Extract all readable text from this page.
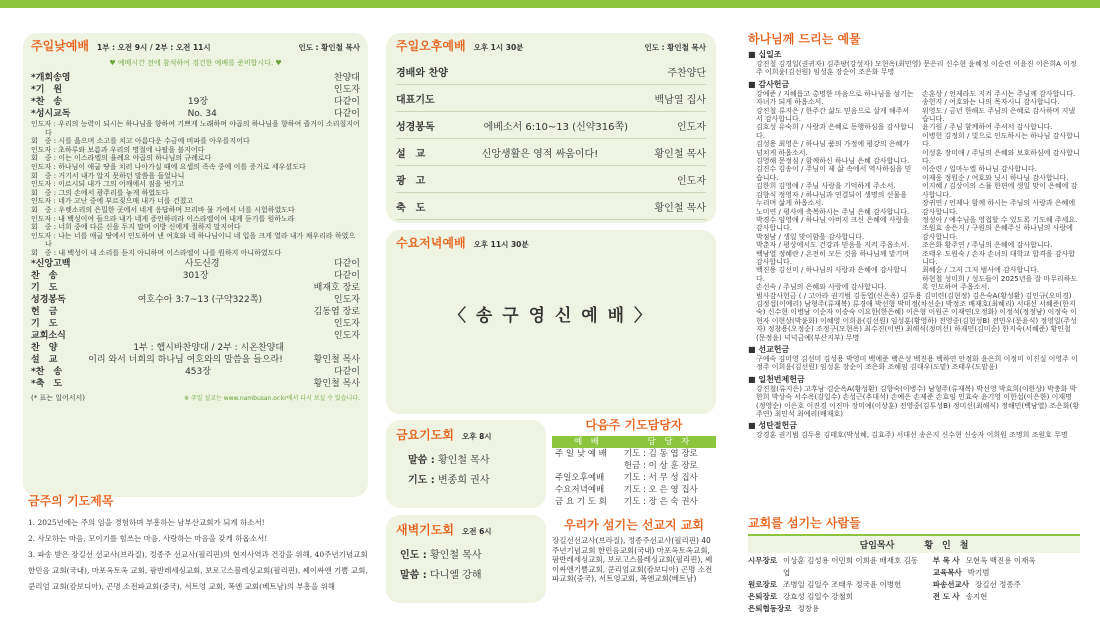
주일낮예배 1부 : 오전 9시 / 2부 : 오전 11시	인도 : 황인철 목사
♥ 예배시간 전에 참석하여 경건한 예배를 준비합시다. ♥
*개회송영	찬양대
*기　원	인도자
*찬　송	19장	다같이
*성시교독	No. 34	다같이
인도자 : 우리의 능력이 되시는 하나님을 향하여 기쁘게 노래하며 야곱의 하나님을 향하여 즐거이 소리칠지어다
회　중 : 시를 읊으며 소고를 치고 아름다운 수금에 비파를 아우를지어다
인도자 : 초하루와 보름과 우리의 명절에 나팔을 불지어다
회　중 : 이는 이스라엘의 율례요 야곱의 하나님의 규례로다
인도자 : 하나님이 애굽 땅을 치러 나아가실 때에 요셉의 족속 중에 이를 증거로 세우셨도다
회　중 : 거기서 내가 알지 못하던 말씀을 들었나니
인도자 : 이르시되 내가 그의 어깨에서 짐을 벗기고
회　중 : 그의 손에서 광주리를 놓게 하였도다
인도자 : 네가 고난 중에 부르짖으매 내가 너를 건졌고
회　중 : 우렛소리의 은밀한 곳에서 네게 응답하며 므리바 물 가에서 너를 시험하였도다
인도자 : 내 백성이여 들으라 내가 네게 증언하리라 이스라엘이여 내게 듣기를 원하노라
회　중 : 너희 중에 다른 신을 두지 말며 이방 신에게 절하지 말지어다
인도자 : 나는 너를 애굽 땅에서 인도하여 낸 여호와 네 하나님이니 네 입을 크게 열라 내가 채우리라 하였으나
회　중 : 내 백성이 내 소리를 듣지 아니하며 이스라엘이 나를 원하지 아니하였도다
*신앙고백	사도신경	다같이
찬　송	301장	다같이
기　도	배재호 장로
성경봉독	여호수아 3:7~13 (구약322쪽)	인도자
헌　금	김동엽 장로
기　도	인도자
교회소식	인도자
찬　양	1부 : 햅시바찬양대 / 2부 : 시온찬양대
설　교	이리 와서 너희의 하나님 여호와의 말씀을 들으라!	황인철 목사
*찬　송	453장	다같이
*축　도	황인철 목사
(* 표는 일어서서)	※ 주일 설교는 www.nambusan.or.kr에서 다시 보실 수 있습니다.
금주의 기도제목
1. 2025년에는 주의 임을 경험하며 부흥하는 남부산교회가 되게 하소서!
2. 사모하는 마음, 모이기를 힘쓰는 마음, 사랑하는 마음을 갖게 하옵소서!
3. 파송 받은 장길선 선교사(브라질), 정종주 선교사(필리핀)의 현지사역과 건강을 위해, 40주년기념교회 한민음 교회(국내), 마포옥토옥 교회, 팜반레세싱교회, 보로고스블레싱교회(필리핀), 쎄이싸앤 기쁨 교회, 쿤리엄 교회(캄보디아), 곤명 소전파교회(중국), 서트엉 교회, 폭엔 교회(베트남)의 부흥을 위해
주일오후예배 오후 1시 30분	인도 : 황인철 목사
경배와 찬양	주찬양단
대표기도	백남열 집사
성경봉독	에베소서 6:10~13 (신약316쪽)	인도자
설　교	신앙생활은 영적 싸움이다!	황인철 목사
광　고	인도자
축　도	황인철 목사
수요저녁예배 오후 11시 30분
〈 송 구 영 신 예 배 〉
금요기도회 오후 8시
말씀 : 황인철 목사
기도 : 변종희 권사
새벽기도회 오전 6시
인도 : 황인철 목사
말씀 : 다니엘 강해
다음주 기도담당자
예　배	담　당　자
주 일 낮 예 배	기도 : 김 동 엽 장로
	헌금 : 이 상 훈 장로
주일오후예배	기도 : 서 무 성 집사
수요저녁예배	기도 : 오 은 영 집사
금 요 기 도 회	기도 : 장 은 숙 권사
우리가 섬기는 선교지 교회
장길선선교사(브라질), 정종주선교사(필리핀) 40주년기념교회 한민음교회(국내) 마포옥토옥교회, 팜반레세싱교회, 보로고스블레싱교회(필리핀), 쎄이싸앤기쁨교회, 쿤리엄교회(캄보디아) 곤명 소전파교회(중국), 서트엉교회, 폭엔교회(베트남)
하나님께 드리는 예물
■ 십일조
강진철 김경일(권귀자) 김주팡(강성자) 모현옥(최민영) 문은리 신수현 윤혜정 이순련 이윤진 이은희A 이정주 이희윤(김선원) 임성훈 장순이 조은화 무명
■ 감사헌금
강예준 / 지혜롭고 총명한 마음으로 하나님을 섬기는 자녀가 되게 하옵소서.
강진철 류지은 / 한주간 삶도 믿음으로 살게 해주셔서 감사합니다.
김호성 유숙희 / 사랑과 은혜로 동행하심을 감사합니다.
김성용 최영은 / 하나님 품의 가정에 평강의 은혜가 넘치게 하옵소서.
김영해 문정심 / 함께하신 하나님 은혜 감사합니다.
김진수 김송이 / 주님이 제 삶 속에서 역사하심을 믿습니다.
김한희 김영애 / 주님 사랑을 기억하게 주소서.
김향식 정영자 / 하나님과 연결되어 생명의 선물을 누리며 삶게 하옵소서.
노미연 / 평사에 축복하시는 주님 은혜 감사합니다.
박경수 임영애 / 하나님 아버지 크신 은혜에 사랑을 감사합니다.
박점남 / 생일 맞이함을 감사합니다.
박춘자 / 평상에서도 건강과 믿음을 지켜 주옵소서.
백남열 정혜란 / 온전히 모든 것을 하나님께 맡기며 감사합니다.
백진용 김선미 / 하나님의 사랑과 은혜에 감사합니다.
손선숙 / 주님의 은혜와 사랑에 감사합니다.
손훈상 / 언제라도 지켜 주시는 주님께 감사합니다.
송헌지 / 여호와는 나의 목자시니 감사합니다.
위영도 / 금년 한해도 주님의 은혜로 감사하며 지냈습니다.
윤기원 / 주님 함께하여 주셔서 감사합니다.
이병헌 김정희 / 빛으로 인도하시는 하나님 감사합니다.
이성훈 장미애 / 주님의 은혜와 보호하심에 감사합니다.
이순련 / 일마누엘 하나님 감사합니다.
이재웅 정원순 / 여호와 닛시 하나님 감사합니다.
이지혜 / 김상이의 스뮬 한편에 생일 맞이 은혜에 감사합니다.
장귀연 / 언제나 함께 하시는 주님의 사랑과 은혜에 감사합니다.
정성아 / 예수님을 영접할 수 있도록 기도해 주세요.
조원효 송은지 / 구원의 은혜주신 하나님의 사랑에 감사합니다.
조은화 황주연 / 주님의 은혜에 감사합니다.
조태우 도원숙 / 손자 손녀의 대학교 합격을 감사합니다.
최혜순 / 그저 그저 범사에 감사합니다.
하현철 성미희 / 성도들이 2025년을 잘 마무리하도록 인도하여 주옵소서.
범사감사헌금 ( / 고아라 권기범 김동엽(신은옥) 김두용 김미련(김현정) 김은숙A(황성환) 김인규(오미경) 김정섭(이예리) 남형주(류재복) 류경애 박선형 박미정(차선순) 박정조 배재호(최혜리) 서대선 서혜준(한지숙) 신수현 이병남 이순자 이승숙 이요한(한은혜) 이은형 이원곤 이재연(오정화) 이정석(정정남) 이정숙 이현자 이현상(박윤화) 이혜영 이희윤(김선원) 임성훈(황영하) 전영중(김현성B) 전민우(문윤식) 정영일(주성자) 정창용(오정순) 조정구(모현옥) 최수진(이변) 최해식(정미선) 하재민(김미순) 한지숙(서혜준) 황인철(문정윤) 넉넉금예(부산지부) 무명
■ 선교헌금
구예숙 김미영 김선미 김성용 박영미 백예준 백은성 백진용 백하연 안정화 윤은희 이정미 이진실 이영주 이정주 이희윤(김선원) 임성훈 장순이 조은화 조해임 김대우(도맡) 조태우(도맡음)
■ 일천번제헌금
강진철(류지은) 고후남 김순옥A(황성환) 김향숙(이병수) 남형주(류재복) 박선영 박효희(이한상) 박충화 박한희 박상숙 서수옥(김일수) 손성근(추대석) 손예은 손제준 손효임 민효숙 윤기영 이한섭(이은한) 이재명(정영순) 이은호 이진경 이진마 장미예(이상훈) 전영중(김투성B) 정미선(최해식) 정해민(백남열) 조은화(황주연) 최민석 최예리(배재호)
■ 성탄절헌금
강경훈 권기범 김두용 김태호(박성혜, 김효주) 서대선 송은지 신수현 신숭자 이희원 조명희 조원호 무명
교회를 섬기는 사람들
담임목사	황　인　철
시무장로 이상훈 김성용 이민희 이희윤 배재호 김동엽
원로장로 조병일 김일수 조태우 정국윤 이병헌
은퇴장로 강효성 김일수 강철희
은퇴협동장로 정창용
부 목 사 모현옥 백진용 이재욱
교육목사 박기범
파송선교사 장길선 정종주
전 도 사 송지현
